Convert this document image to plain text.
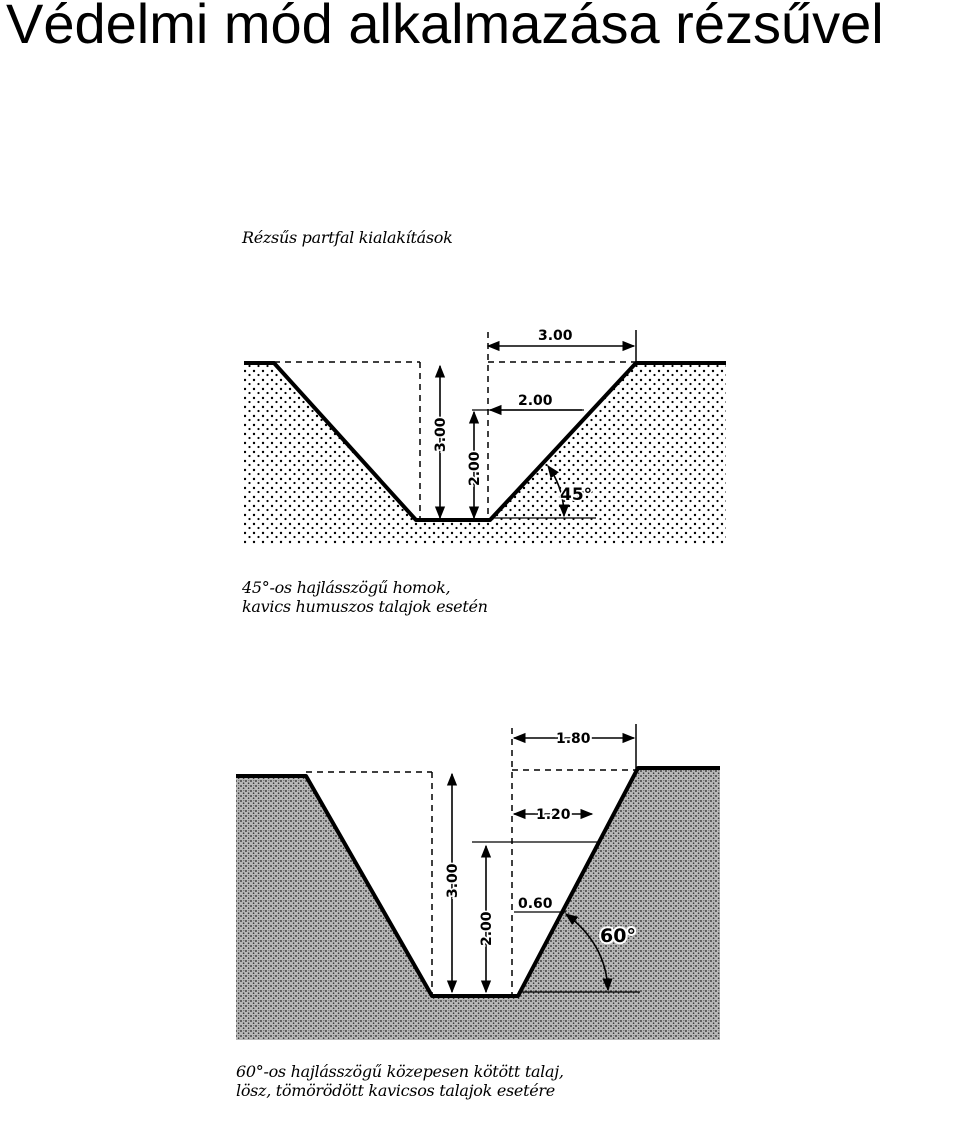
Védelmi mód alkalmazása rézsűvel
Rézsűs partfal kialakítások
3.00
2.00
3.00
2.00
45°
1.80
1.20
0.60
3.00
2.00	60°
45°-os hajlásszögű homok,
kavics humuszos talajok esetén
60°-os hajlásszögű közepesen kötött talaj,
lösz, tömörödött kavicsos talajok esetére
